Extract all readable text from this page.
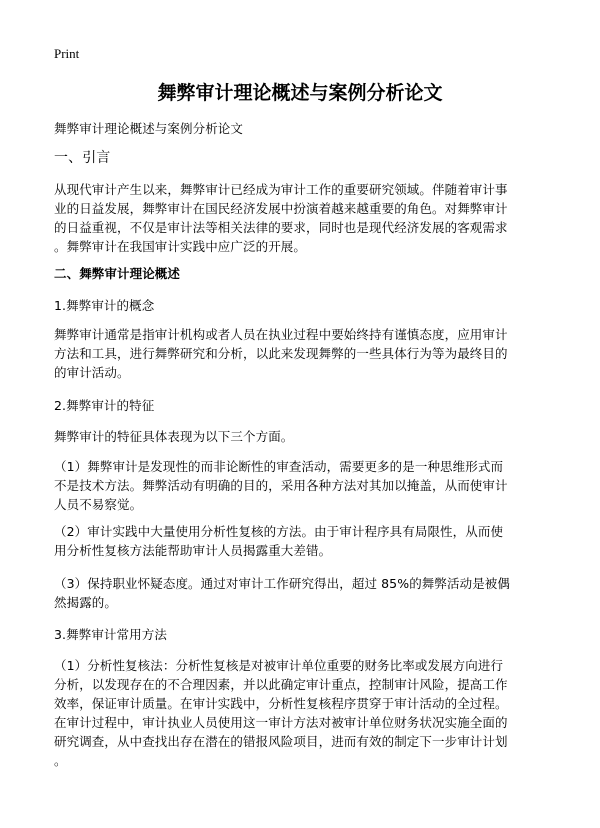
Print
舞弊审计理论概述与案例分析论文

舞弊审计理论概述与案例分析论文

一、引言

从现代审计产生以来，舞弊审计已经成为审计工作的重要研究领域。伴随着审计事
业的日益发展，舞弊审计在国民经济发展中扮演着越来越重要的角色。对舞弊审计
的日益重视，不仅是审计法等相关法律的要求，同时也是现代经济发展的客观需求
。舞弊审计在我国审计实践中应广泛的开展。

二、舞弊审计理论概述

1.舞弊审计的概念

舞弊审计通常是指审计机构或者人员在执业过程中要始终持有谨慎态度，应用审计
方法和工具，进行舞弊研究和分析，以此来发现舞弊的一些具体行为等为最终目的
的审计活动。

2.舞弊审计的特征

舞弊审计的特征具体表现为以下三个方面。

（1）舞弊审计是发现性的而非论断性的审查活动，需要更多的是一种思维形式而
不是技术方法。舞弊活动有明确的目的，采用各种方法对其加以掩盖，从而使审计
人员不易察觉。
（2）审计实践中大量使用分析性复核的方法。由于审计程序具有局限性，从而使
用分析性复核方法能帮助审计人员揭露重大差错。
（3）保持职业怀疑态度。通过对审计工作研究得出，超过 85%的舞弊活动是被偶
然揭露的。

3.舞弊审计常用方法

（1）分析性复核法：分析性复核是对被审计单位重要的财务比率或发展方向进行
分析，以发现存在的不合理因素，并以此确定审计重点，控制审计风险，提高工作
效率，保证审计质量。在审计实践中，分析性复核程序贯穿于审计活动的全过程。
在审计过程中，审计执业人员使用这一审计方法对被审计单位财务状况实施全面的
研究调查，从中查找出存在潜在的错报风险项目，进而有效的制定下一步审计计划
。
